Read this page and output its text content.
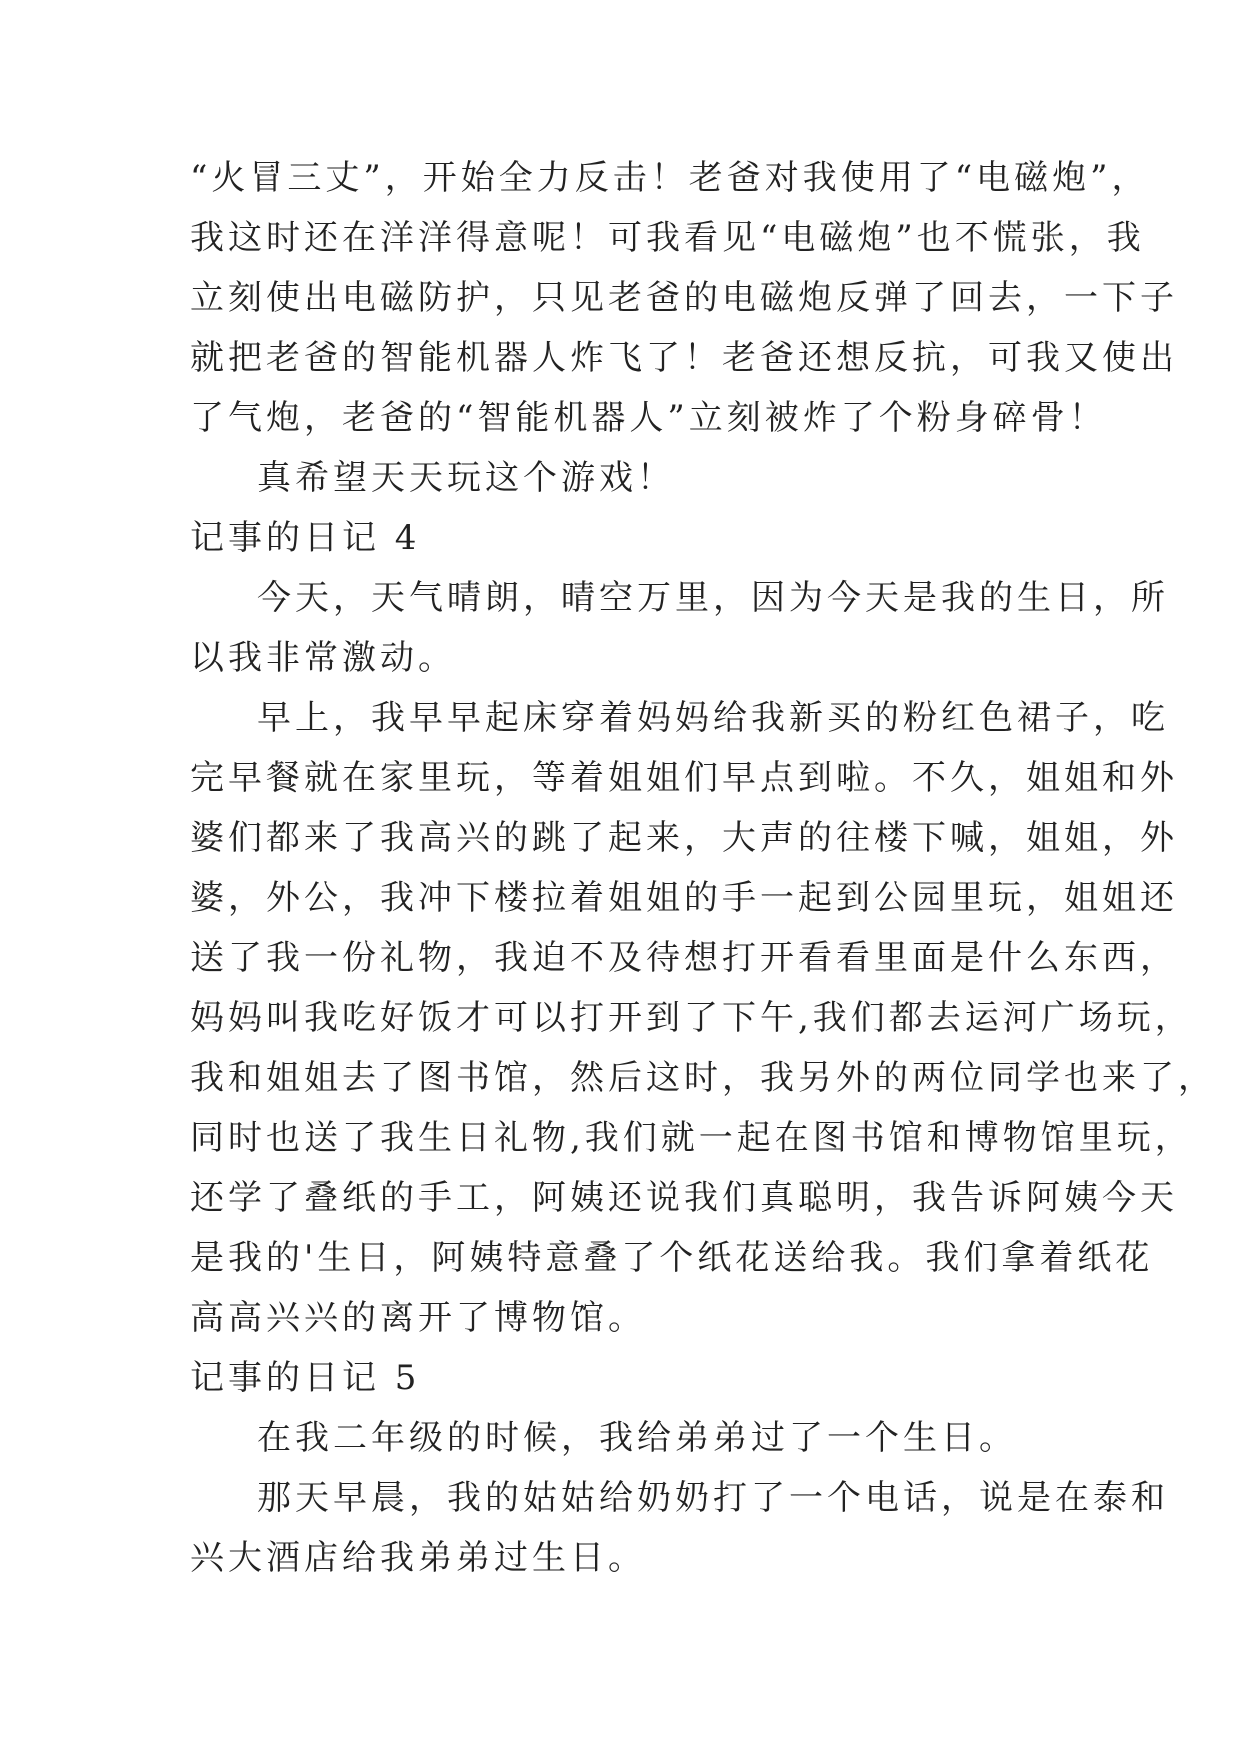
“火冒三丈”，开始全力反击！老爸对我使用了“电磁炮”，
我这时还在洋洋得意呢！可我看见“电磁炮”也不慌张，我
立刻使出电磁防护，只见老爸的电磁炮反弹了回去，一下子
就把老爸的智能机器人炸飞了！老爸还想反抗，可我又使出
了气炮，老爸的“智能机器人”立刻被炸了个粉身碎骨！
真希望天天玩这个游戏！
记事的日记 4
今天，天气晴朗，晴空万里，因为今天是我的生日，所
以我非常激动。
早上，我早早起床穿着妈妈给我新买的粉红色裙子，吃
完早餐就在家里玩，等着姐姐们早点到啦。不久，姐姐和外
婆们都来了我高兴的跳了起来，大声的往楼下喊，姐姐，外
婆，外公，我冲下楼拉着姐姐的手一起到公园里玩，姐姐还
送了我一份礼物，我迫不及待想打开看看里面是什么东西，
妈妈叫我吃好饭才可以打开到了下午,我们都去运河广场玩，
我和姐姐去了图书馆，然后这时，我另外的两位同学也来了，
同时也送了我生日礼物,我们就一起在图书馆和博物馆里玩，
还学了叠纸的手工，阿姨还说我们真聪明，我告诉阿姨今天
是我的'生日，阿姨特意叠了个纸花送给我。我们拿着纸花
高高兴兴的离开了博物馆。
记事的日记 5
在我二年级的时候，我给弟弟过了一个生日。
那天早晨，我的姑姑给奶奶打了一个电话，说是在泰和
兴大酒店给我弟弟过生日。
